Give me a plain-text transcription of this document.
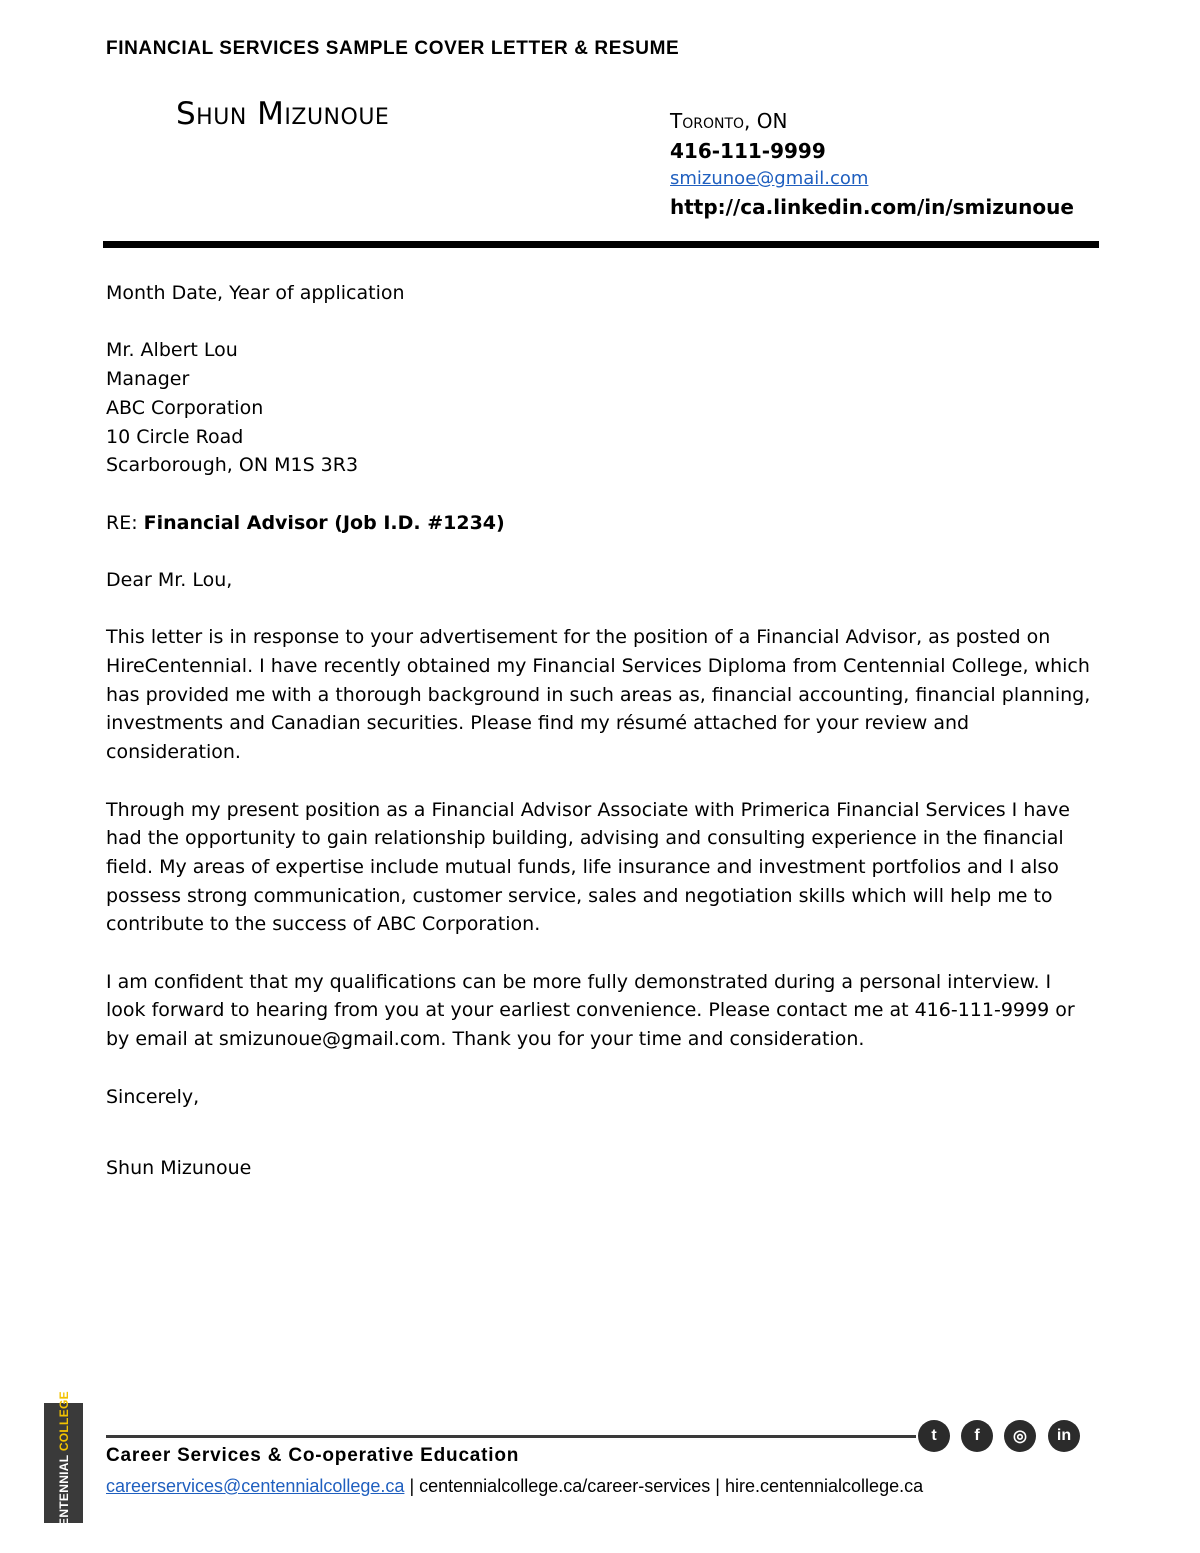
FINANCIAL SERVICES SAMPLE COVER LETTER & RESUME
Shun Mizunoue	Toronto, ON
416-111-9999
smizunoe@gmail.com
http://ca.linkedin.com/in/smizunoue

Month Date, Year of application

Mr. Albert Lou
Manager
ABC Corporation
10 Circle Road
Scarborough, ON M1S 3R3

RE: Financial Advisor (Job I.D. #1234)

Dear Mr. Lou,

This letter is in response to your advertisement for the position of a Financial Advisor, as posted on HireCentennial. I have recently obtained my Financial Services Diploma from Centennial College, which has provided me with a thorough background in such areas as, financial accounting, financial planning, investments and Canadian securities. Please find my résumé attached for your review and consideration.

Through my present position as a Financial Advisor Associate with Primerica Financial Services I have had the opportunity to gain relationship building, advising and consulting experience in the financial field. My areas of expertise include mutual funds, life insurance and investment portfolios and I also possess strong communication, customer service, sales and negotiation skills which will help me to contribute to the success of ABC Corporation.

I am confident that my qualifications can be more fully demonstrated during a personal interview. I look forward to hearing from you at your earliest convenience. Please contact me at 416-111-9999 or by email at smizunoue@gmail.com. Thank you for your time and consideration.

Sincerely,

Shun Mizunoue

CENTENNIAL COLLEGE	t	f	◎	in
Career Services & Co-operative Education
careerservices@centennialcollege.ca | centennialcollege.ca/career-services | hire.centennialcollege.ca
